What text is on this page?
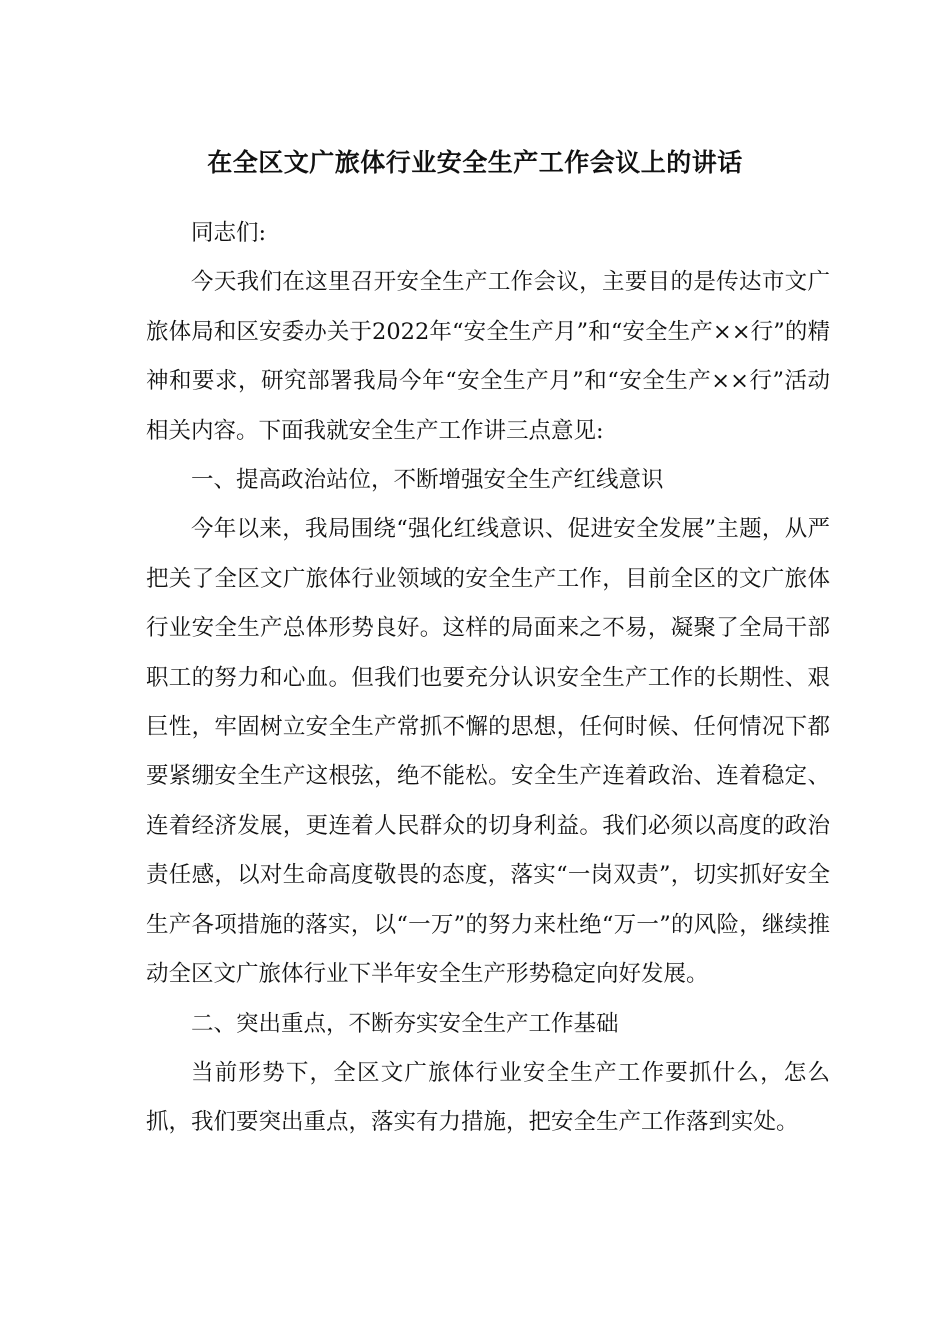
在全区文广旅体行业安全生产工作会议上的讲话

同志们:

今天我们在这里召开安全生产工作会议，主要目的是传达市文广旅体局和区安委办关于2022年“安全生产月”和“安全生产××行”的精神和要求，研究部署我局今年“安全生产月”和“安全生产××行”活动相关内容。下面我就安全生产工作讲三点意见:

一、提高政治站位，不断增强安全生产红线意识

今年以来，我局围绕“强化红线意识、促进安全发展”主题，从严把关了全区文广旅体行业领域的安全生产工作，目前全区的文广旅体行业安全生产总体形势良好。这样的局面来之不易，凝聚了全局干部职工的努力和心血。但我们也要充分认识安全生产工作的长期性、艰巨性，牢固树立安全生产常抓不懈的思想，任何时候、任何情况下都要紧绷安全生产这根弦，绝不能松。安全生产连着政治、连着稳定、连着经济发展，更连着人民群众的切身利益。我们必须以高度的政治责任感，以对生命高度敬畏的态度，落实“一岗双责”，切实抓好安全生产各项措施的落实，以“一万”的努力来杜绝“万一”的风险，继续推动全区文广旅体行业下半年安全生产形势稳定向好发展。

二、突出重点，不断夯实安全生产工作基础

当前形势下，全区文广旅体行业安全生产工作要抓什么，怎么抓，我们要突出重点，落实有力措施，把安全生产工作落到实处。
